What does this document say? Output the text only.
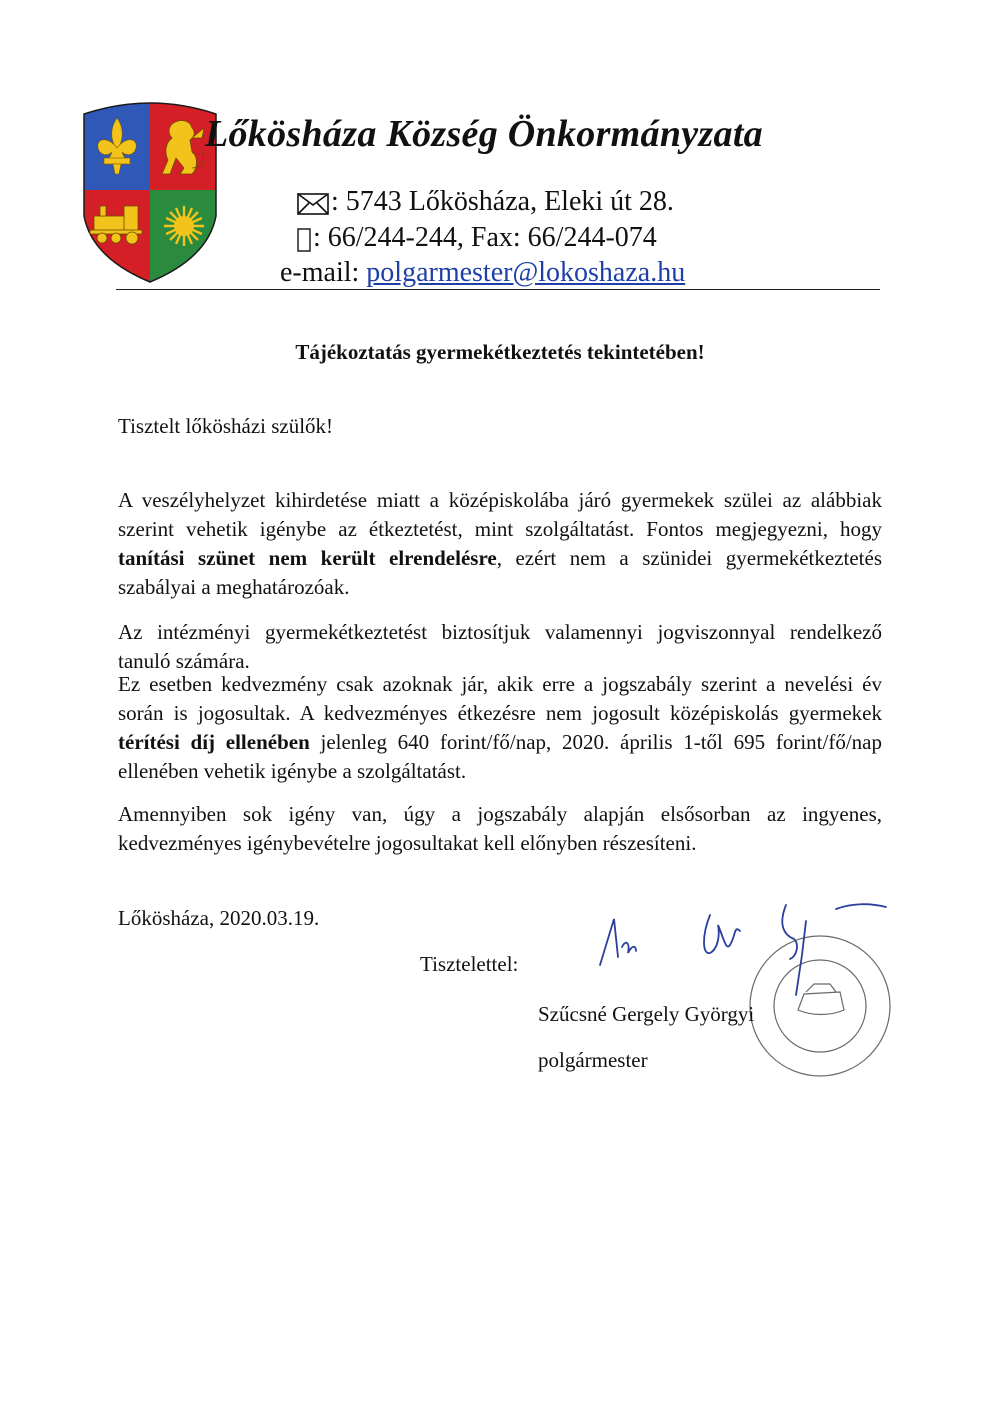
Lőkösháza Község Önkormányzata
: 5743 Lőkösháza, Eleki út 28.
: 66/244-244, Fax: 66/244-074
e-mail: polgarmester@lokoshaza.hu
Tájékoztatás gyermekétkeztetés tekintetében!
Tisztelt lőkösházi szülők!

A veszélyhelyzet kihirdetése miatt a középiskolába járó gyermekek szülei az alábbiak szerint vehetik igénybe az étkeztetést, mint szolgáltatást. Fontos megjegyezni, hogy tanítási szünet nem került elrendelésre, ezért nem a szünidei gyermekétkeztetés szabályai a meghatározóak.

Az intézményi gyermekétkeztetést biztosítjuk valamennyi jogviszonnyal rendelkező tanuló számára.

Ez esetben kedvezmény csak azoknak jár, akik erre a jogszabály szerint a nevelési év során is jogosultak. A kedvezményes étkezésre nem jogosult középiskolás gyermekek térítési díj ellenében jelenleg 640 forint/fő/nap, 2020. április 1-től 695 forint/fő/nap ellenében vehetik igénybe a szolgáltatást.

Amennyiben sok igény van, úgy a jogszabály alapján elsősorban az ingyenes, kedvezményes igénybevételre jogosultakat kell előnyben részesíteni.

Lőkösháza, 2020.03.19.
Tisztelettel:
Szűcsné Gergely Györgyi
polgármester
